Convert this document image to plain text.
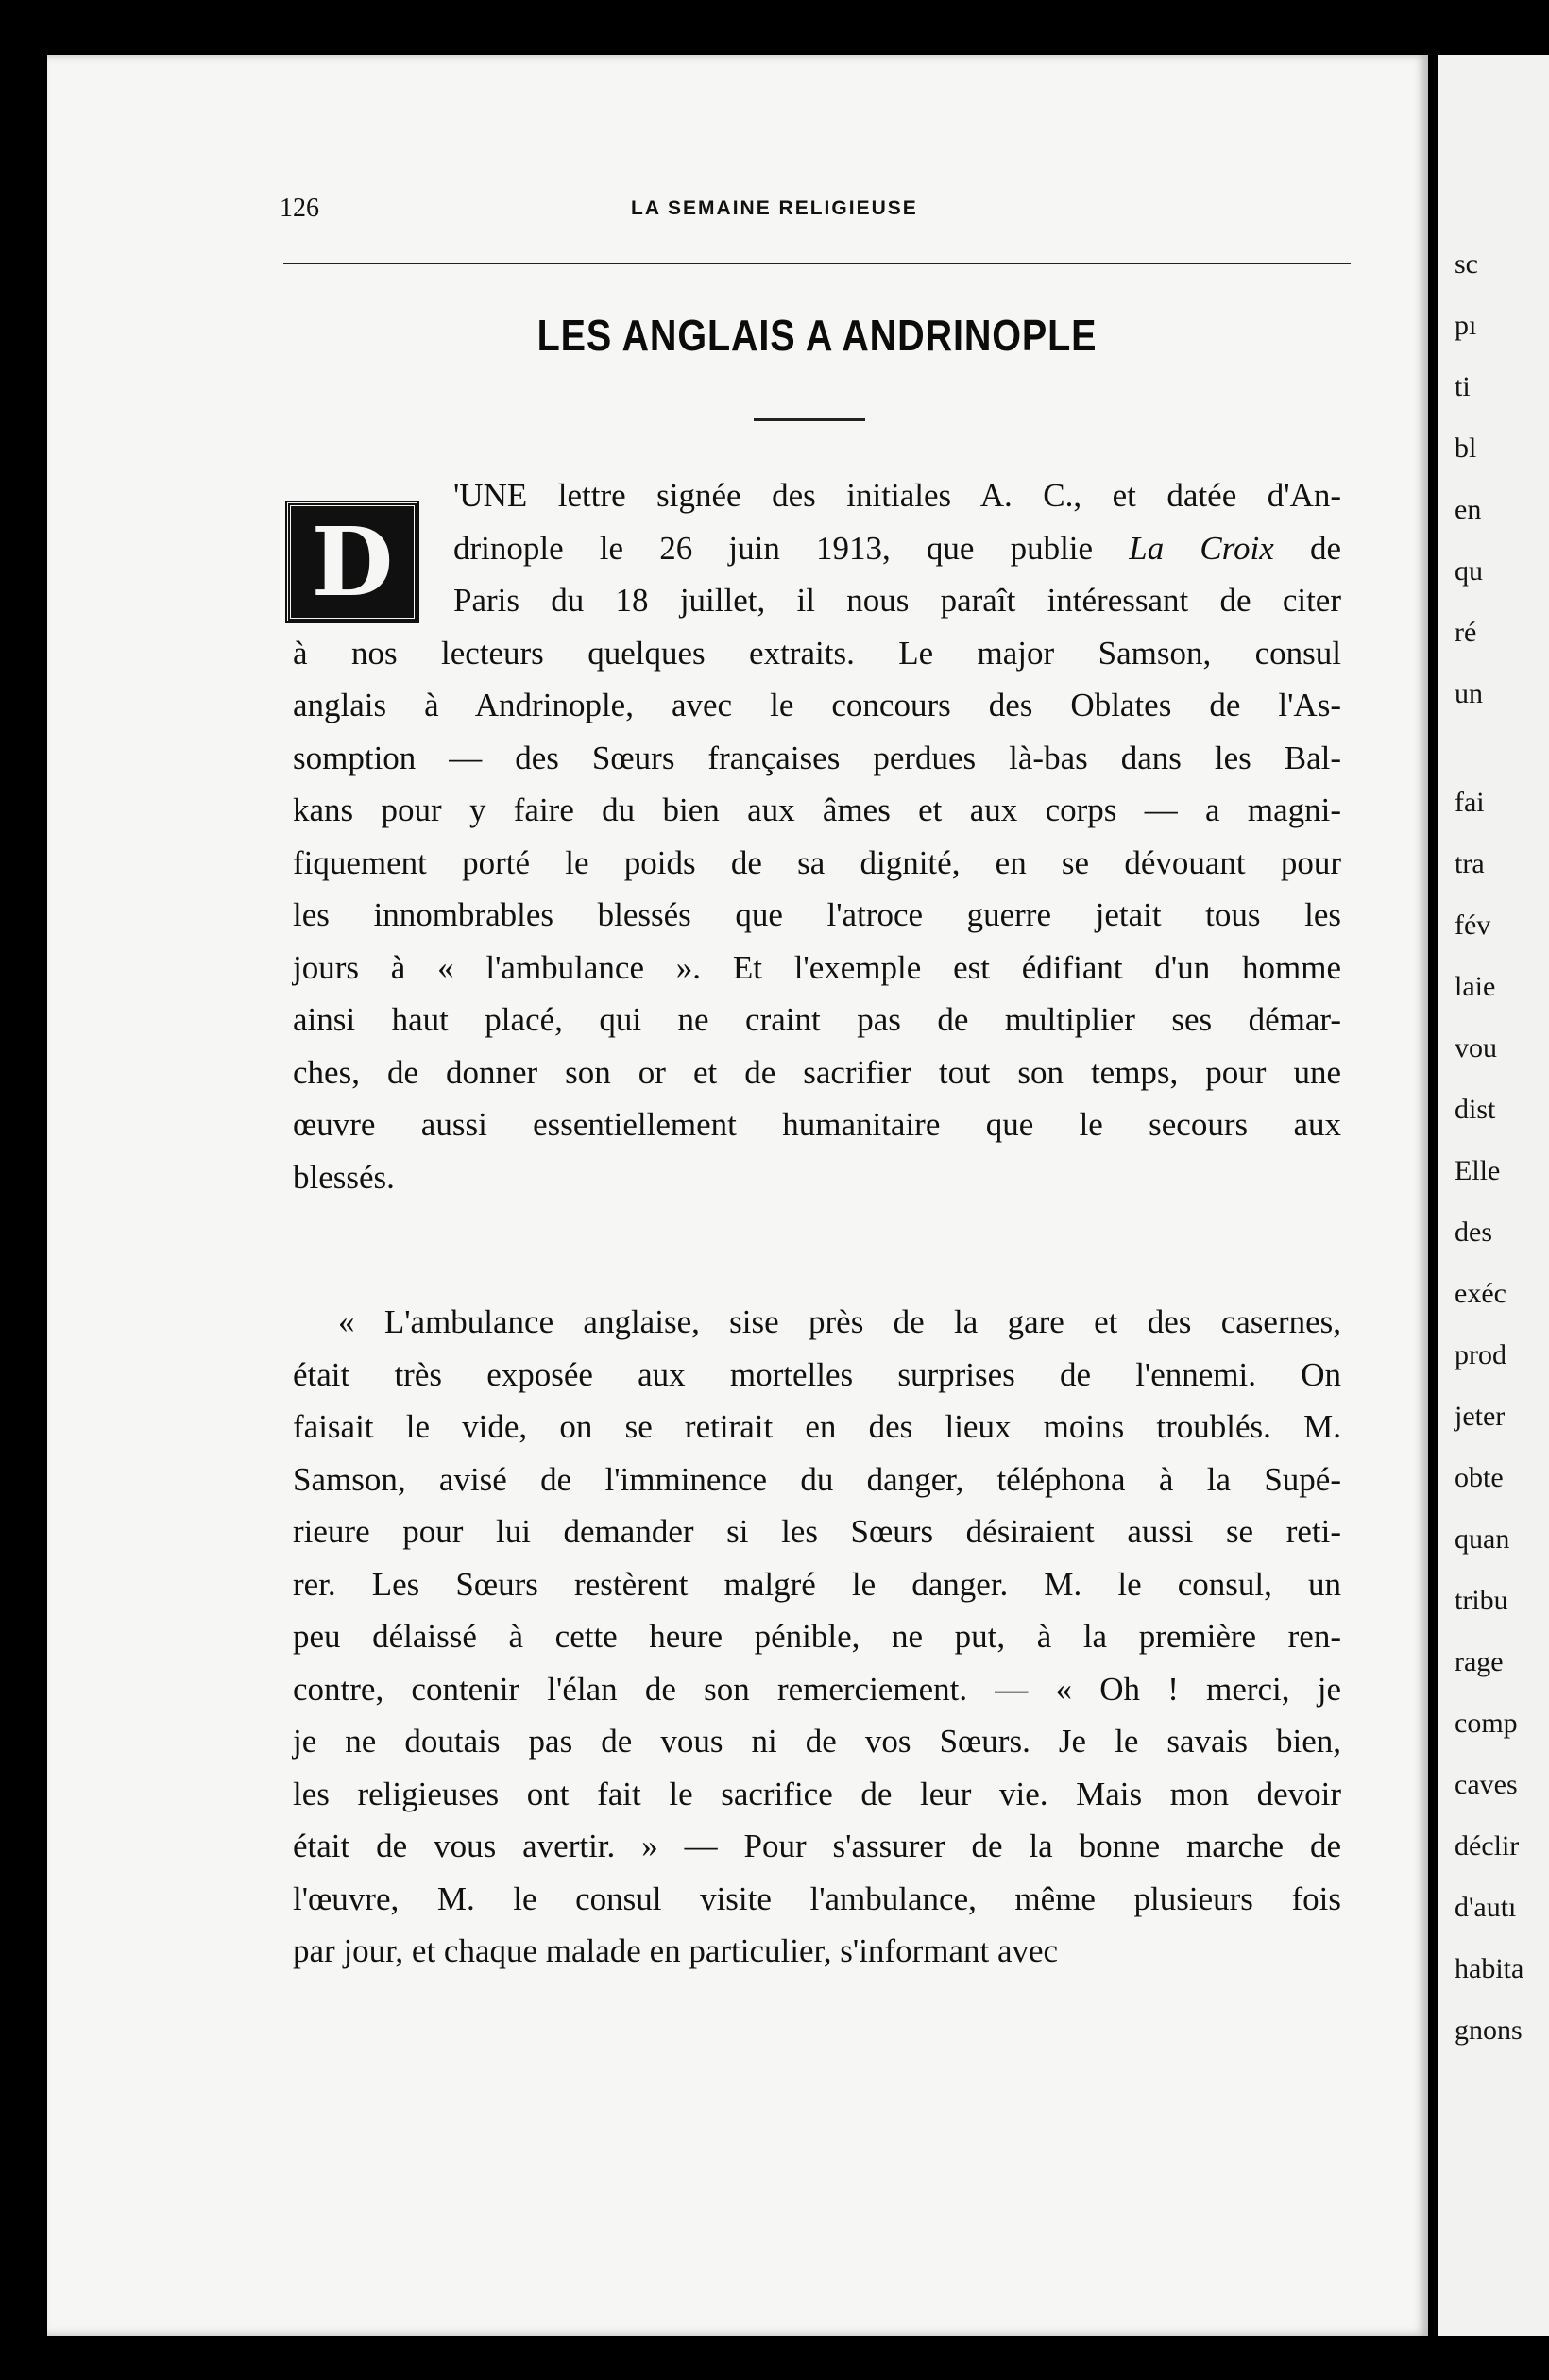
sc
pı
ti
bl
en
qu
ré
un
fai
tra
fév
laie
vou
dist
Elle
des
exéc
prod
jeter
obte
quan
tribu
rage
comp
caves
déclir
d'autı
habita
gnons
126	LA SEMAINE RELIGIEUSE
LES ANGLAIS A ANDRINOPLE
D
'UNE lettre signée des initiales A. C., et datée d'An-
drinople le 26 juin 1913, que publie La Croix de
Paris du 18 juillet, il nous paraît intéressant de citer
à nos lecteurs quelques extraits. Le major Samson, consul
anglais à Andrinople, avec le concours des Oblates de l'As-
somption — des Sœurs françaises perdues là-bas dans les Bal-
kans pour y faire du bien aux âmes et aux corps — a magni-
fiquement porté le poids de sa dignité, en se dévouant pour
les innombrables blessés que l'atroce guerre jetait tous les
jours à « l'ambulance ». Et l'exemple est édifiant d'un homme
ainsi haut placé, qui ne craint pas de multiplier ses démar-
ches, de donner son or et de sacrifier tout son temps, pour une
œuvre aussi essentiellement humanitaire que le secours aux
blessés.
« L'ambulance anglaise, sise près de la gare et des casernes,
était très exposée aux mortelles surprises de l'ennemi. On
faisait le vide, on se retirait en des lieux moins troublés. M.
Samson, avisé de l'imminence du danger, téléphona à la Supé-
rieure pour lui demander si les Sœurs désiraient aussi se reti-
rer. Les Sœurs restèrent malgré le danger. M. le consul, un
peu délaissé à cette heure pénible, ne put, à la première ren-
contre, contenir l'élan de son remerciement. — « Oh ! merci, je
je ne doutais pas de vous ni de vos Sœurs. Je le savais bien,
les religieuses ont fait le sacrifice de leur vie. Mais mon devoir
était de vous avertir. » — Pour s'assurer de la bonne marche de
l'œuvre, M. le consul visite l'ambulance, même plusieurs fois
par jour, et chaque malade en particulier, s'informant avec
